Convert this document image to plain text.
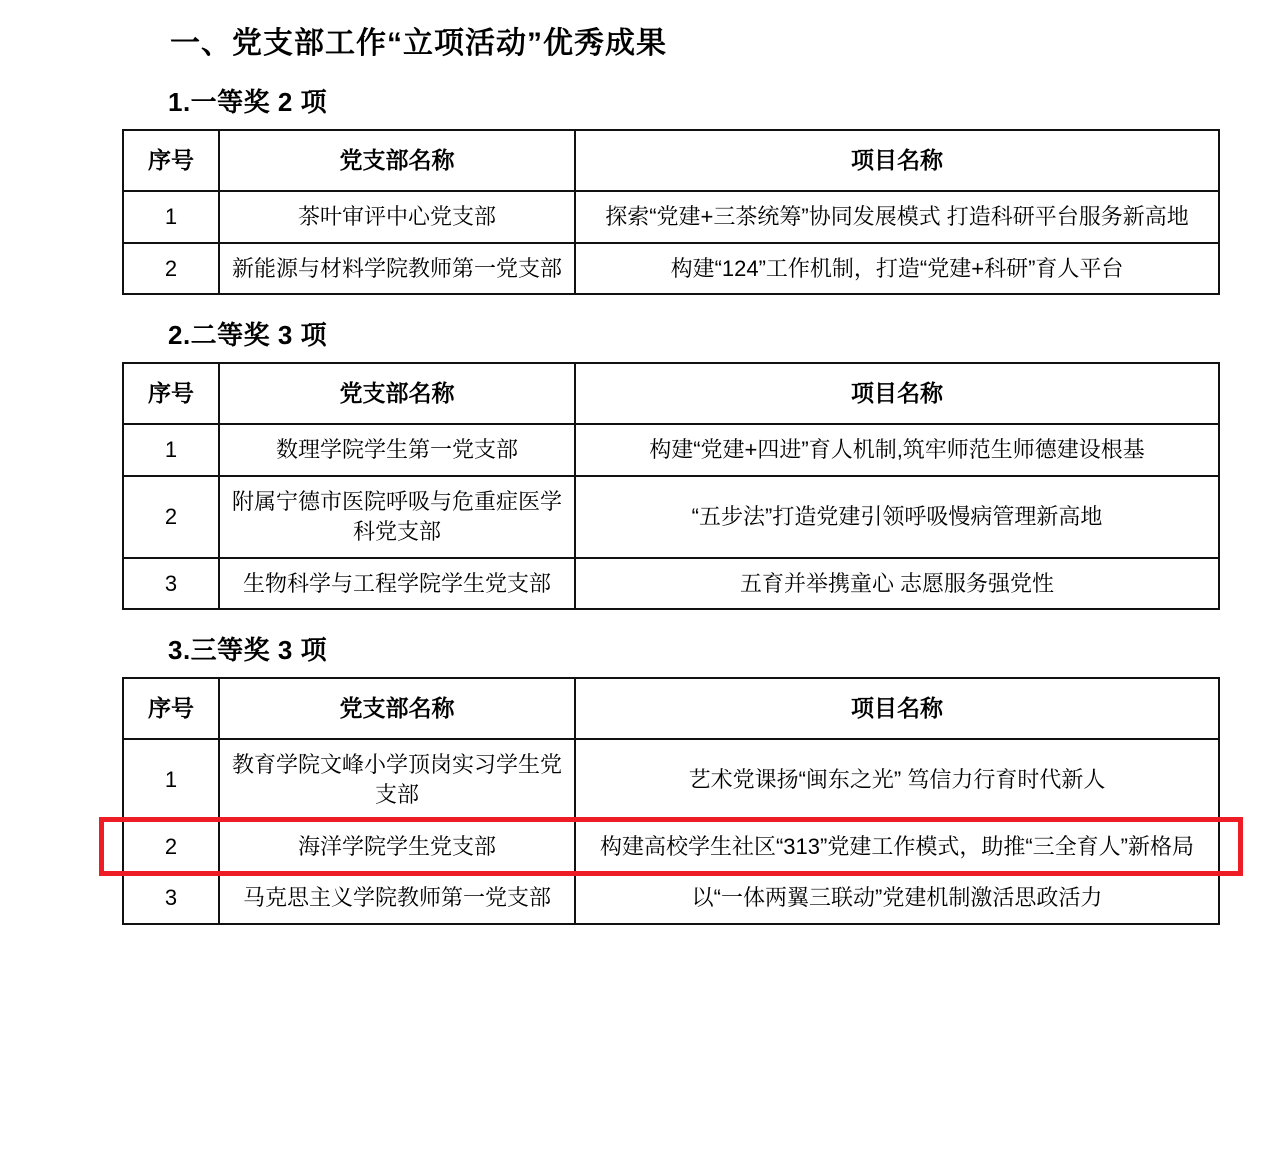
一、党支部工作“立项活动”优秀成果
1.一等奖 2 项
序号	党支部名称	项目名称
1	茶叶审评中心党支部	探索“党建+三茶统筹”协同发展模式 打造科研平台服务新高地
2	新能源与材料学院教师第一党支部	构建“124”工作机制，打造“党建+科研”育人平台
2.二等奖 3 项
序号	党支部名称	项目名称
1	数理学院学生第一党支部	构建“党建+四进”育人机制,筑牢师范生师德建设根基
2	附属宁德市医院呼吸与危重症医学科党支部	“五步法”打造党建引领呼吸慢病管理新高地
3	生物科学与工程学院学生党支部	五育并举携童心 志愿服务强党性
3.三等奖 3 项
序号	党支部名称	项目名称
1	教育学院文峰小学顶岗实习学生党支部	艺术党课扬“闽东之光” 笃信力行育时代新人
2	海洋学院学生党支部	构建高校学生社区“313”党建工作模式，助推“三全育人”新格局
3	马克思主义学院教师第一党支部	以“一体两翼三联动”党建机制激活思政活力
